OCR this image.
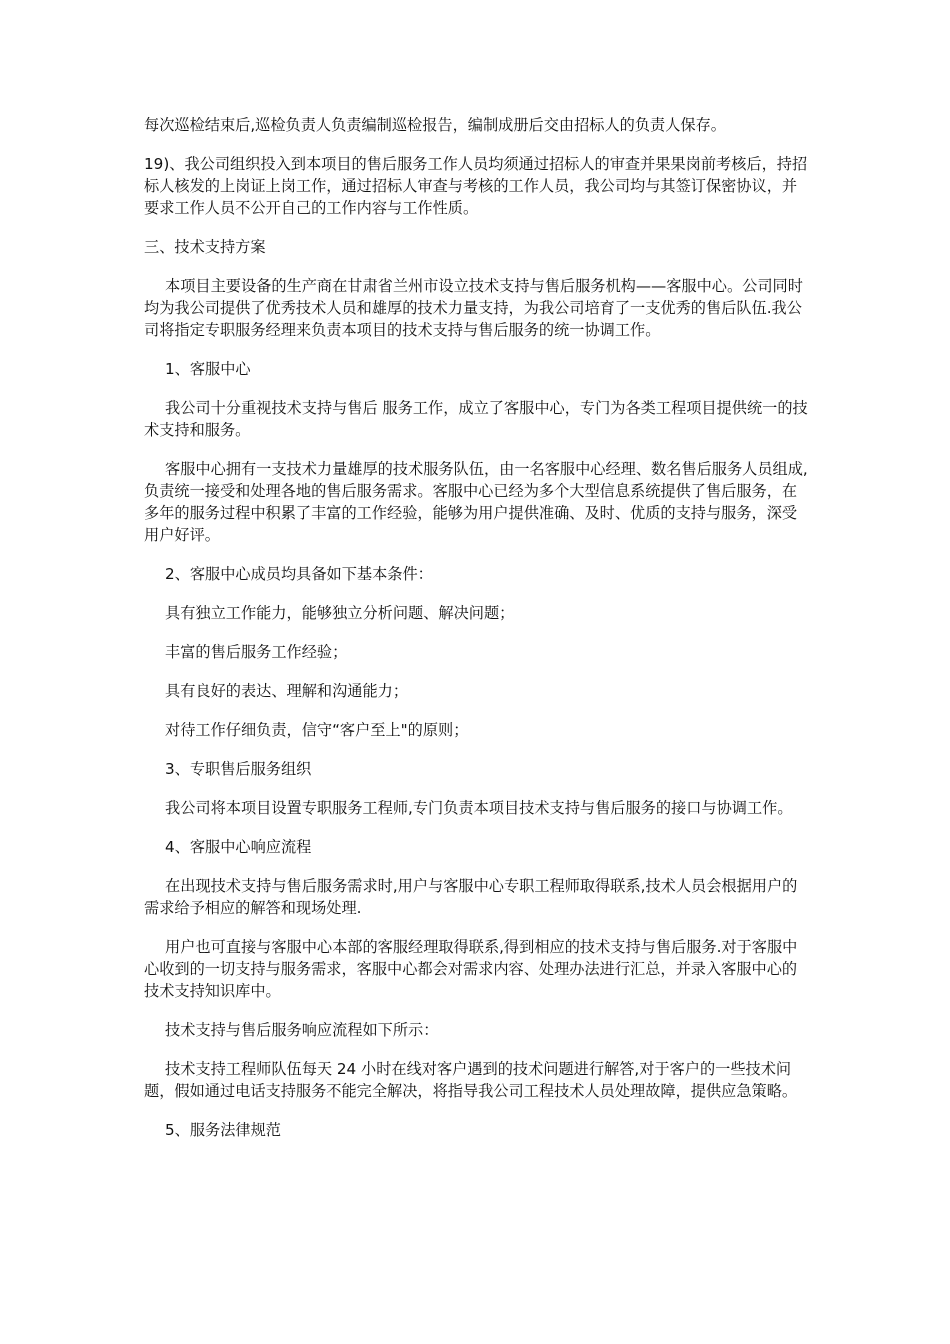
每次巡检结束后,巡检负责人负责编制巡检报告，编制成册后交由招标人的负责人保存。

19)、我公司组织投入到本项目的售后服务工作人员均须通过招标人的审查并果果岗前考核后，持招标人核发的上岗证上岗工作，通过招标人审查与考核的工作人员，我公司均与其签订保密协议，并要求工作人员不公开自己的工作内容与工作性质。

三、技术支持方案

本项目主要设备的生产商在甘肃省兰州市设立技术支持与售后服务机构——客服中心。公司同时均为我公司提供了优秀技术人员和雄厚的技术力量支持，为我公司培育了一支优秀的售后队伍.我公司将指定专职服务经理来负责本项目的技术支持与售后服务的统一协调工作。

1、客服中心

我公司十分重视技术支持与售后 服务工作，成立了客服中心，专门为各类工程项目提供统一的技术支持和服务。

客服中心拥有一支技术力量雄厚的技术服务队伍，由一名客服中心经理、数名售后服务人员组成,负责统一接受和处理各地的售后服务需求。客服中心已经为多个大型信息系统提供了售后服务，在多年的服务过程中积累了丰富的工作经验，能够为用户提供准确、及时、优质的支持与服务，深受用户好评。

2、客服中心成员均具备如下基本条件：

具有独立工作能力，能够独立分析问题、解决问题；

丰富的售后服务工作经验；

具有良好的表达、理解和沟通能力；

对待工作仔细负责，信守“客户至上"的原则；

3、专职售后服务组织

我公司将本项目设置专职服务工程师,专门负责本项目技术支持与售后服务的接口与协调工作。

4、客服中心响应流程

在出现技术支持与售后服务需求时,用户与客服中心专职工程师取得联系,技术人员会根据用户的需求给予相应的解答和现场处理.

用户也可直接与客服中心本部的客服经理取得联系,得到相应的技术支持与售后服务.对于客服中心收到的一切支持与服务需求，客服中心都会对需求内容、处理办法进行汇总，并录入客服中心的技术支持知识库中。

技术支持与售后服务响应流程如下所示：

技术支持工程师队伍每天 24 小时在线对客户遇到的技术问题进行解答,对于客户的一些技术问题，假如通过电话支持服务不能完全解决，将指导我公司工程技术人员处理故障，提供应急策略。

5、服务法律规范
